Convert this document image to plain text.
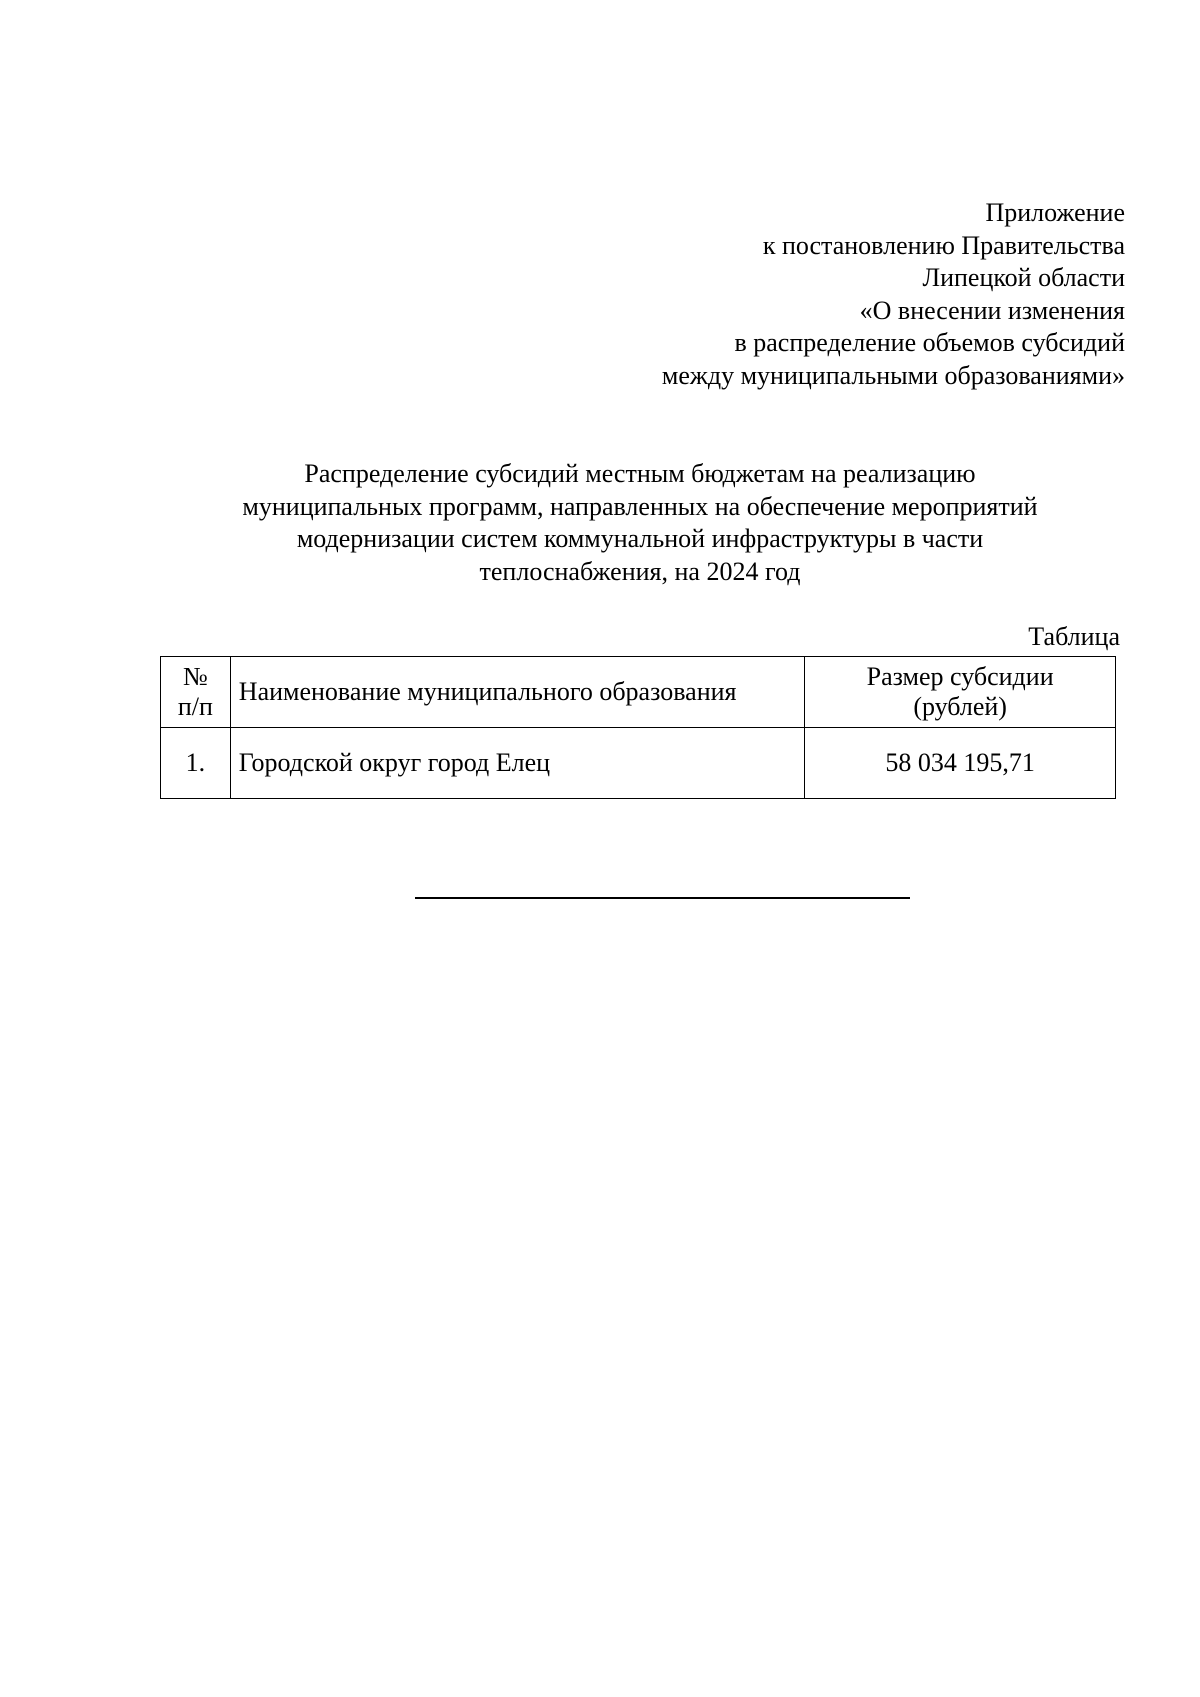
Приложение
к постановлению Правительства
Липецкой области
«О внесении изменения
в распределение объемов субсидий
между муниципальными образованиями»
Распределение субсидий местным бюджетам на реализацию
муниципальных программ, направленных на обеспечение мероприятий
модернизации систем коммунальной инфраструктуры в части
теплоснабжения, на 2024 год
Таблица
№
п/п	Наименование муниципального образования	Размер субсидии
(рублей)

1.	Городской округ город Елец	58 034 195,71
